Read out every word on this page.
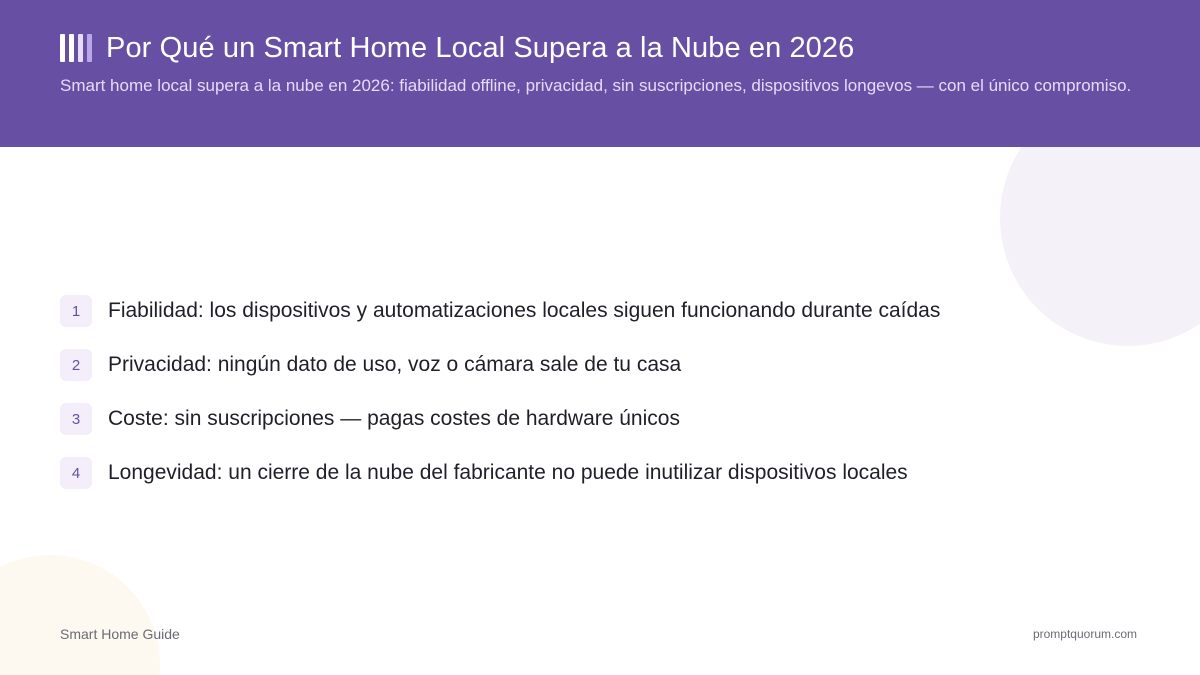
Por Qué un Smart Home Local Supera a la Nube en 2026

Smart home local supera a la nube en 2026: fiabilidad offline, privacidad, sin suscripciones, dispositivos longevos — con el único compromiso.

1	Fiabilidad: los dispositivos y automatizaciones locales siguen funcionando durante caídas
2	Privacidad: ningún dato de uso, voz o cámara sale de tu casa
3	Coste: sin suscripciones — pagas costes de hardware únicos
4	Longevidad: un cierre de la nube del fabricante no puede inutilizar dispositivos locales
Smart Home Guide	promptquorum.com
